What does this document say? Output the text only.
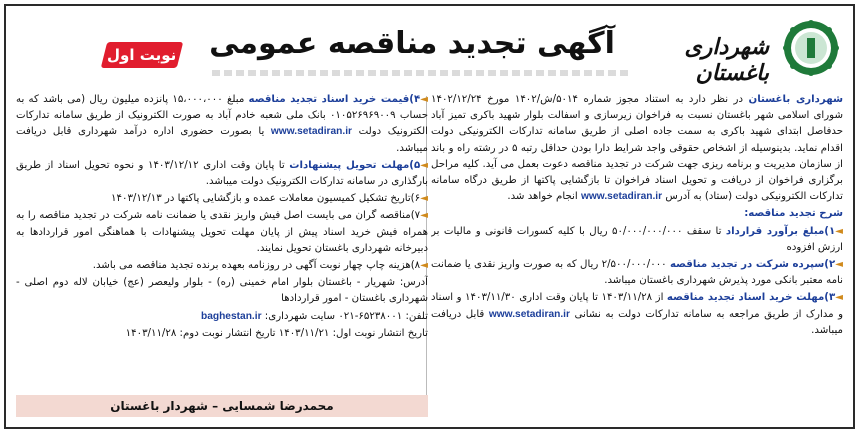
شهرداری باغستان
آگهی تجدید مناقصه عمومی
نوبت اول
شهرداری باغستان در نظر دارد به استناد مجوز شماره ۵۰۱۴/ش/۱۴۰۲ مورخ ۱۴۰۲/۱۲/۲۴ شورای اسلامی شهر باغستان نسبت به فراخوان زیرسازی و اسفالت بلوار شهید باکری تمیز آباد حدفاصل ابتدای شهید باکری به سمت جاده اصلی از طریق سامانه تدارکات الکترونیکی دولت اقدام نماید. بدینوسیله از اشخاص حقوقی واجد شرایط دارا بودن حداقل رتبه ۵ در رشته راه و باند از سازمان مدیریت و برنامه ریزی جهت شرکت در تجدید مناقصه دعوت بعمل می آید. کلیه مراحل برگزاری فراخوان از دریافت و تحویل اسناد فراخوان تا بازگشایی پاکتها از طریق درگاه سامانه تدارکات الکترونیکی دولت (ستاد) به آدرس www.setadiran.ir انجام خواهد شد.
شرح تجدید مناقصه:
◄۱)مبلغ برآورد قرارداد تا سقف ۵۰/۰۰۰/۰۰۰/۰۰۰ ریال با کلیه کسورات قانونی و مالیات بر ارزش افزوده
◄۲)سپرده شرکت در تجدید مناقصه ۲/۵۰۰/۰۰۰/۰۰۰ ریال که به صورت واریز نقدی یا ضمانت نامه معتبر بانکی مورد پذیرش شهرداری باغستان میباشد.
◄۳)مهلت خرید اسناد تجدید مناقصه از ۱۴۰۳/۱۱/۲۸ تا پایان وقت اداری ۱۴۰۳/۱۱/۳۰ و اسناد و مدارک از طریق مراجعه به سامانه تدارکات دولت به نشانی www.setadiran.ir قابل دریافت میباشد.
◄۴)قیمت خرید اسناد تجدید مناقصه مبلغ ۱۵،۰۰۰،۰۰۰ پانزده میلیون ریال (می باشد که به حساب ۰۱۰۵۲۶۹۶۹۰۰۹ بانک ملی شعبه خادم آباد به صورت الکترونیک از طریق سامانه تدارکات الکترونیک دولت www.setadiran.ir یا بصورت حضوری اداره درآمد شهرداری قابل دریافت میباشد.
◄۵)مهلت تحویل پیشنهادات تا پایان وقت اداری ۱۴۰۳/۱۲/۱۲ و نحوه تحویل اسناد از طریق بارگذاری در سامانه تدارکات الکترونیک دولت میباشد.
◄۶)تاریخ تشکیل کمیسیون معاملات عمده و بازگشایی پاکتها در ۱۴۰۳/۱۲/۱۳
◄۷)مناقصه گران می بایست اصل فیش واریز نقدی یا ضمانت نامه شرکت در تجدید مناقصه را به همراه فیش خرید اسناد پیش از پایان مهلت تحویل پیشنهادات با هماهنگی امور قراردادها به دبیرخانه شهرداری باغستان تحویل نمایند.
◄۸)هزینه چاپ چهار نوبت آگهی در روزنامه بعهده برنده تجدید مناقصه می باشد.
آدرس: شهریار - باغستان بلوار امام خمینی (ره) - بلوار ولیعصر (عج) خیابان لاله دوم اصلی - شهرداری باغستان - امور قراردادها
تلفن: ۶۵۲۳۸۰۰۱-۰۲۱ سایت شهرداری: baghestan.ir
تاریخ انتشار نوبت اول: ۱۴۰۳/۱۱/۲۱ تاریخ انتشار نوبت دوم: ۱۴۰۳/۱۱/۲۸
محمدرضا شمسایی – شهردار باغستان
